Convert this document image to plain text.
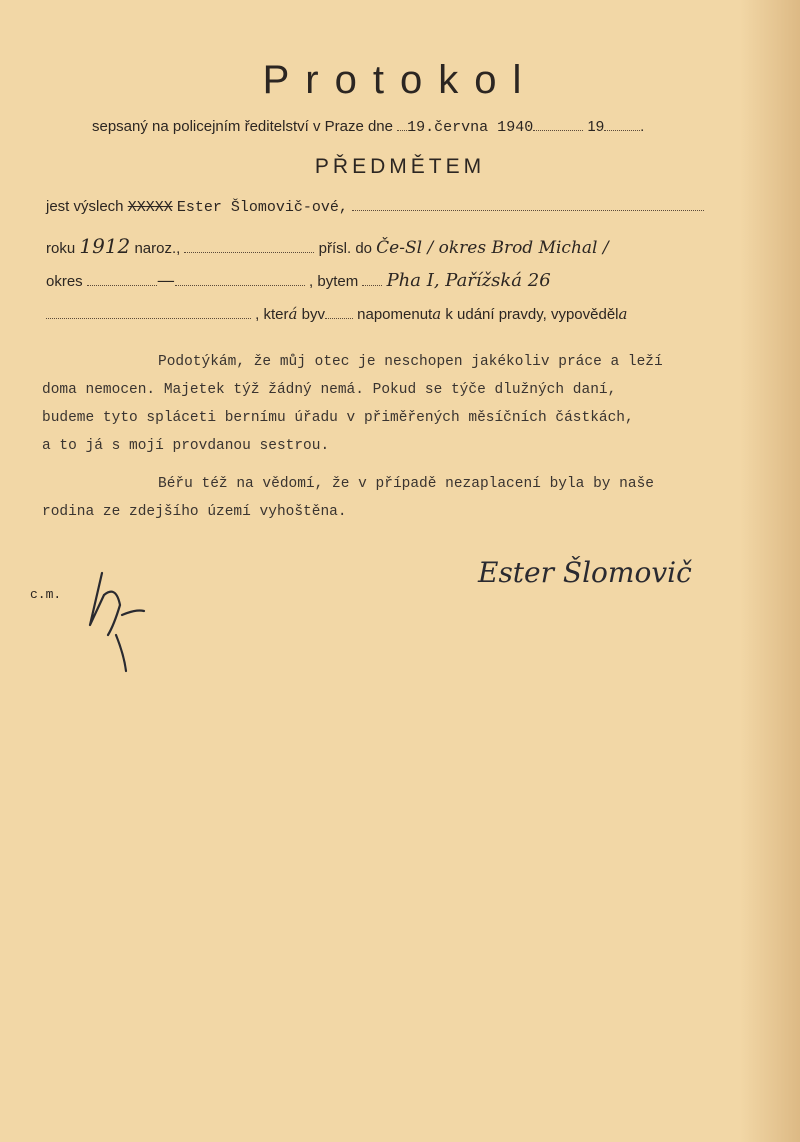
Protokol
sepsaný na policejním ředitelství v Praze dne 19.června 1940	19 .
PŘEDMĚTEM
jest výslech XXXXX Ester Šlomovič-ové,
roku 1912 naroz.,	přísl. do Če-Sl / okres Brod Michal /
okres	—	, bytem Pha I, Pařížská 26
, která byv napomenuta k udání pravdy, vypověděla
Podotýkám, že můj otec je neschopen jakékoliv práce a leží
doma nemocen. Majetek týž žádný nemá. Pokud se týče dlužných daní,
budeme tyto spláceti bernímu úřadu v přiměřených měsíčních částkách,
a to já s mojí provdanou sestrou.
Béřu též na vědomí, že v případě nezaplacení byla by naše
rodina ze zdejšího území vyhoštěna.
Ester Šlomovič
c.m.
